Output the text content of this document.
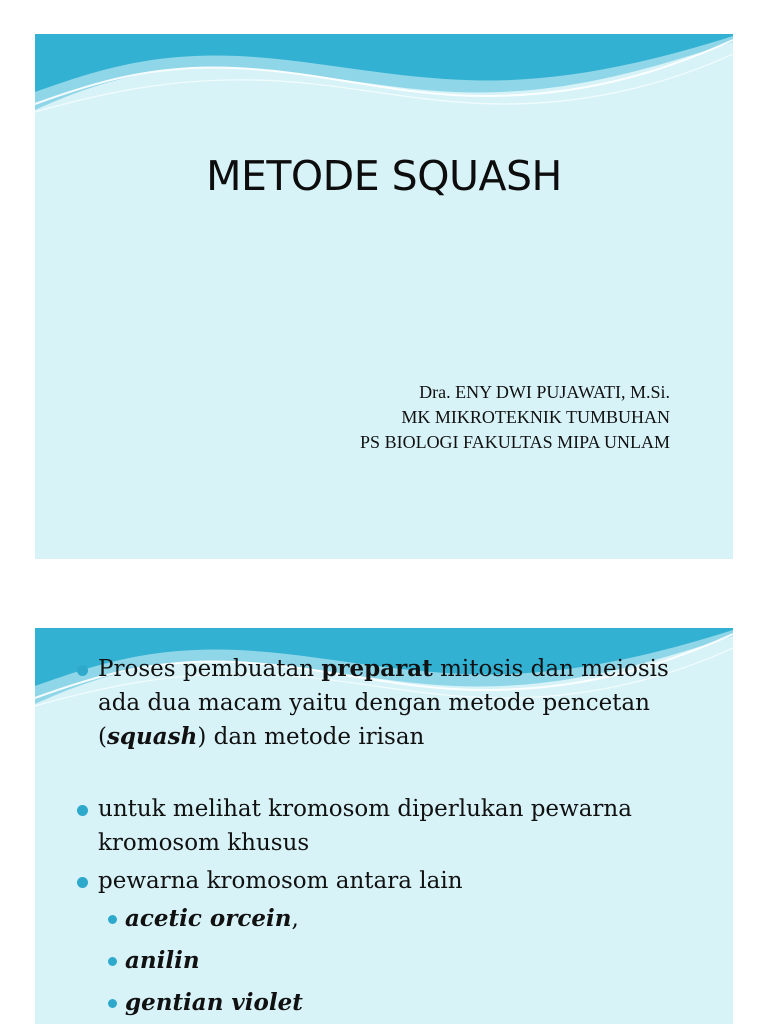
METODE SQUASH
Dra. ENY DWI PUJAWATI, M.Si.
MK MIKROTEKNIK TUMBUHAN
PS BIOLOGI FAKULTAS MIPA UNLAM
Proses pembuatan preparat mitosis dan meiosis ada dua macam yaitu dengan metode pencetan (squash) dan metode irisan
untuk melihat kromosom diperlukan pewarna kromosom khusus
pewarna kromosom antara lain
acetic orcein,
anilin
gentian violet
